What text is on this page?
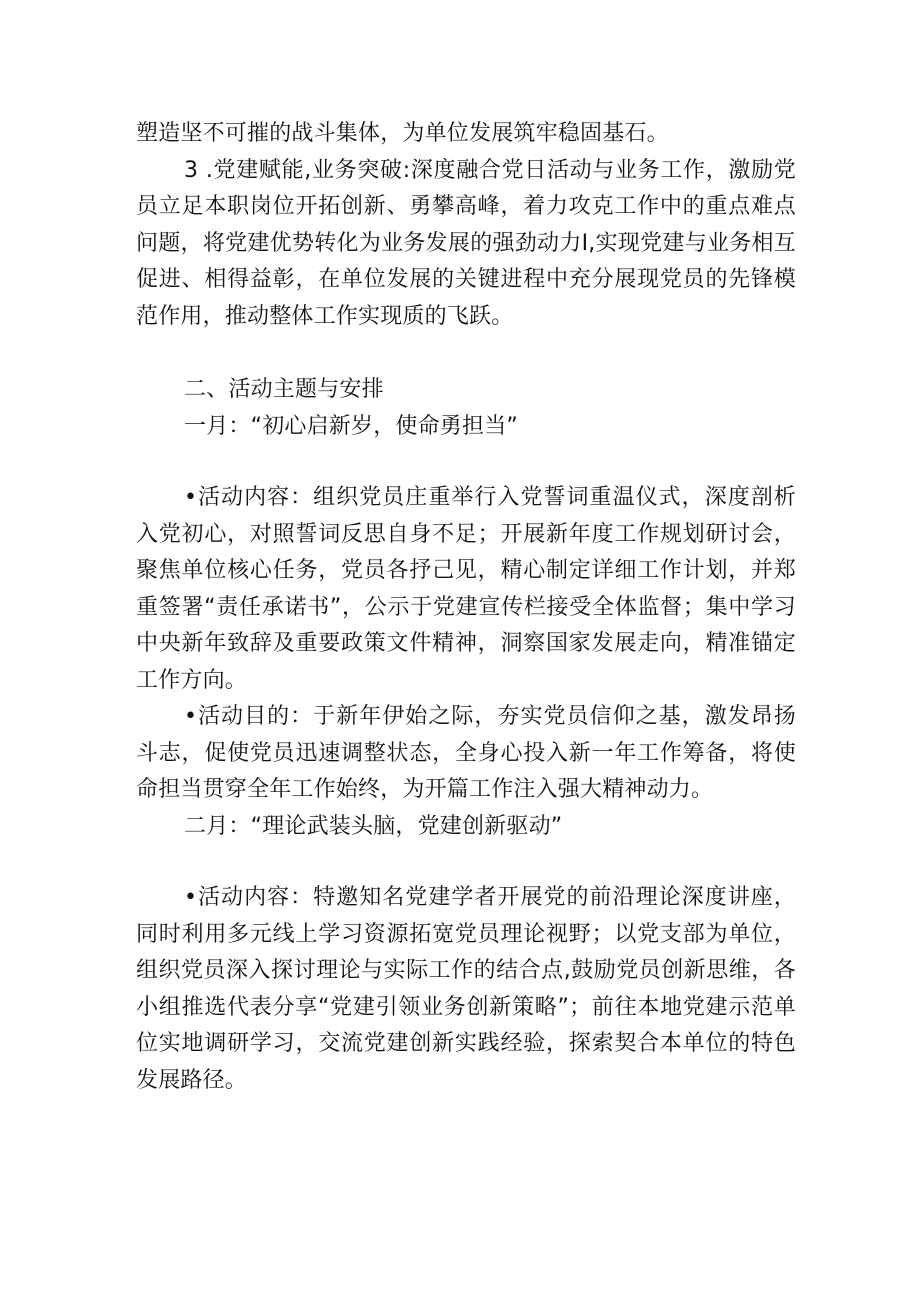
塑造坚不可摧的战斗集体，为单位发展筑牢稳固基石。

3 .党建赋能,业务突破:深度融合党日活动与业务工作，激励党员立足本职岗位开拓创新、勇攀高峰，着力攻克工作中的重点难点问题，将党建优势转化为业务发展的强劲动力I,实现党建与业务相互促进、相得益彰，在单位发展的关键进程中充分展现党员的先锋模范作用，推动整体工作实现质的飞跃。

二、活动主题与安排

一月：“初心启新岁，使命勇担当”

•活动内容：组织党员庄重举行入党誓词重温仪式，深度剖析入党初心，对照誓词反思自身不足；开展新年度工作规划研讨会，聚焦单位核心任务，党员各抒己见，精心制定详细工作计划，并郑重签署“责任承诺书”，公示于党建宣传栏接受全体监督；集中学习中央新年致辞及重要政策文件精神，洞察国家发展走向，精准锚定工作方向。

•活动目的：于新年伊始之际，夯实党员信仰之基，激发昂扬斗志，促使党员迅速调整状态，全身心投入新一年工作筹备，将使命担当贯穿全年工作始终，为开篇工作注入强大精神动力。

二月：“理论武装头脑，党建创新驱动”

•活动内容：特邀知名党建学者开展党的前沿理论深度讲座，同时利用多元线上学习资源拓宽党员理论视野；以党支部为单位，组织党员深入探讨理论与实际工作的结合点,鼓励党员创新思维，各小组推选代表分享“党建引领业务创新策略”；前往本地党建示范单位实地调研学习，交流党建创新实践经验，探索契合本单位的特色发展路径。
